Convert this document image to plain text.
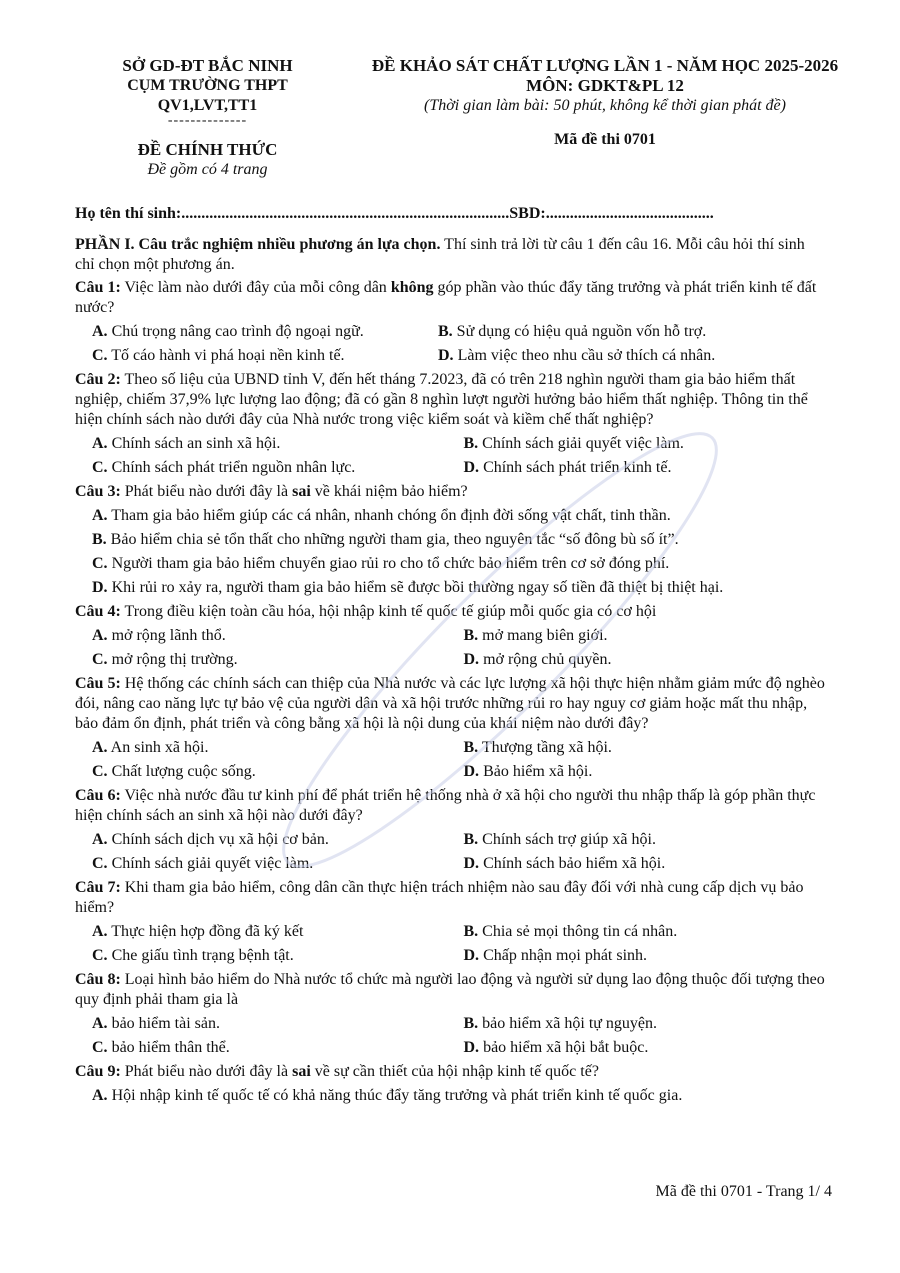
SỞ GD-ĐT BẮC NINH
CỤM TRƯỜNG THPT
QV1,LVT,TT1
--------------
ĐỀ CHÍNH THỨC
Đề gồm có 4 trang
ĐỀ KHẢO SÁT CHẤT LƯỢNG LẦN 1 - NĂM HỌC 2025-2026
MÔN: GDKT&PL 12
(Thời gian làm bài: 50 phút, không kể thời gian phát đề)
Mã đề thi 0701
Họ tên thí sinh:..................................................................................SBD:..........................................

PHẦN I. Câu trắc nghiệm nhiều phương án lựa chọn. Thí sinh trả lời từ câu 1 đến câu 16. Mỗi câu hỏi thí sinh chỉ chọn một phương án.

Câu 1: Việc làm nào dưới đây của mỗi công dân không góp phần vào thúc đẩy tăng trưởng và phát triển kinh tế đất nước?

A. Chú trọng nâng cao trình độ ngoại ngữ.	B. Sử dụng có hiệu quả nguồn vốn hỗ trợ.
C. Tố cáo hành vi phá hoại nền kinh tế.	D. Làm việc theo nhu cầu sở thích cá nhân.

Câu 2: Theo số liệu của UBND tỉnh V, đến hết tháng 7.2023, đã có trên 218 nghìn người tham gia bảo hiểm thất nghiệp, chiếm 37,9% lực lượng lao động; đã có gần 8 nghìn lượt người hưởng bảo hiểm thất nghiệp. Thông tin thể hiện chính sách nào dưới đây của Nhà nước trong việc kiểm soát và kiềm chế thất nghiệp?

A. Chính sách an sinh xã hội.	B. Chính sách giải quyết việc làm.
C. Chính sách phát triển nguồn nhân lực.	D. Chính sách phát triển kinh tế.

Câu 3: Phát biểu nào dưới đây là sai về khái niệm bảo hiểm?

A. Tham gia bảo hiểm giúp các cá nhân, nhanh chóng ổn định đời sống vật chất, tinh thần.
B. Bảo hiểm chia sẻ tổn thất cho những người tham gia, theo nguyên tắc “số đông bù số ít”.
C. Người tham gia bảo hiểm chuyển giao rủi ro cho tổ chức bảo hiểm trên cơ sở đóng phí.
D. Khi rủi ro xảy ra, người tham gia bảo hiểm sẽ được bồi thường ngay số tiền đã thiệt bị thiệt hại.

Câu 4: Trong điều kiện toàn cầu hóa, hội nhập kinh tế quốc tế giúp mỗi quốc gia có cơ hội

A. mở rộng lãnh thổ.	B. mở mang biên giới.
C. mở rộng thị trường.	D. mở rộng chủ quyền.

Câu 5: Hệ thống các chính sách can thiệp của Nhà nước và các lực lượng xã hội thực hiện nhằm giảm mức độ nghèo đói, nâng cao năng lực tự bảo vệ của người dân và xã hội trước những rủi ro hay nguy cơ giảm hoặc mất thu nhập, bảo đảm ổn định, phát triển và công bằng xã hội là nội dung của khái niệm nào dưới đây?

A. An sinh xã hội.	B. Thượng tầng xã hội.
C. Chất lượng cuộc sống.	D. Bảo hiểm xã hội.

Câu 6: Việc nhà nước đầu tư kinh phí để phát triển hệ thống nhà ở xã hội cho người thu nhập thấp là góp phần thực hiện chính sách an sinh xã hội nào dưới đây?

A. Chính sách dịch vụ xã hội cơ bản.	B. Chính sách trợ giúp xã hội.
C. Chính sách giải quyết việc làm.	D. Chính sách bảo hiểm xã hội.

Câu 7: Khi tham gia bảo hiểm, công dân cần thực hiện trách nhiệm nào sau đây đối với nhà cung cấp dịch vụ bảo hiểm?

A. Thực hiện hợp đồng đã ký kết	B. Chia sẻ mọi thông tin cá nhân.
C. Che giấu tình trạng bệnh tật.	D. Chấp nhận mọi phát sinh.

Câu 8: Loại hình bảo hiểm do Nhà nước tổ chức mà người lao động và người sử dụng lao động thuộc đối tượng theo quy định phải tham gia là

A. bảo hiểm tài sản.	B. bảo hiểm xã hội tự nguyện.
C. bảo hiểm thân thể.	D. bảo hiểm xã hội bắt buộc.

Câu 9: Phát biểu nào dưới đây là sai về sự cần thiết của hội nhập kinh tế quốc tế?

A. Hội nhập kinh tế quốc tế có khả năng thúc đẩy tăng trưởng và phát triển kinh tế quốc gia.
Mã đề thi 0701 - Trang 1/ 4
